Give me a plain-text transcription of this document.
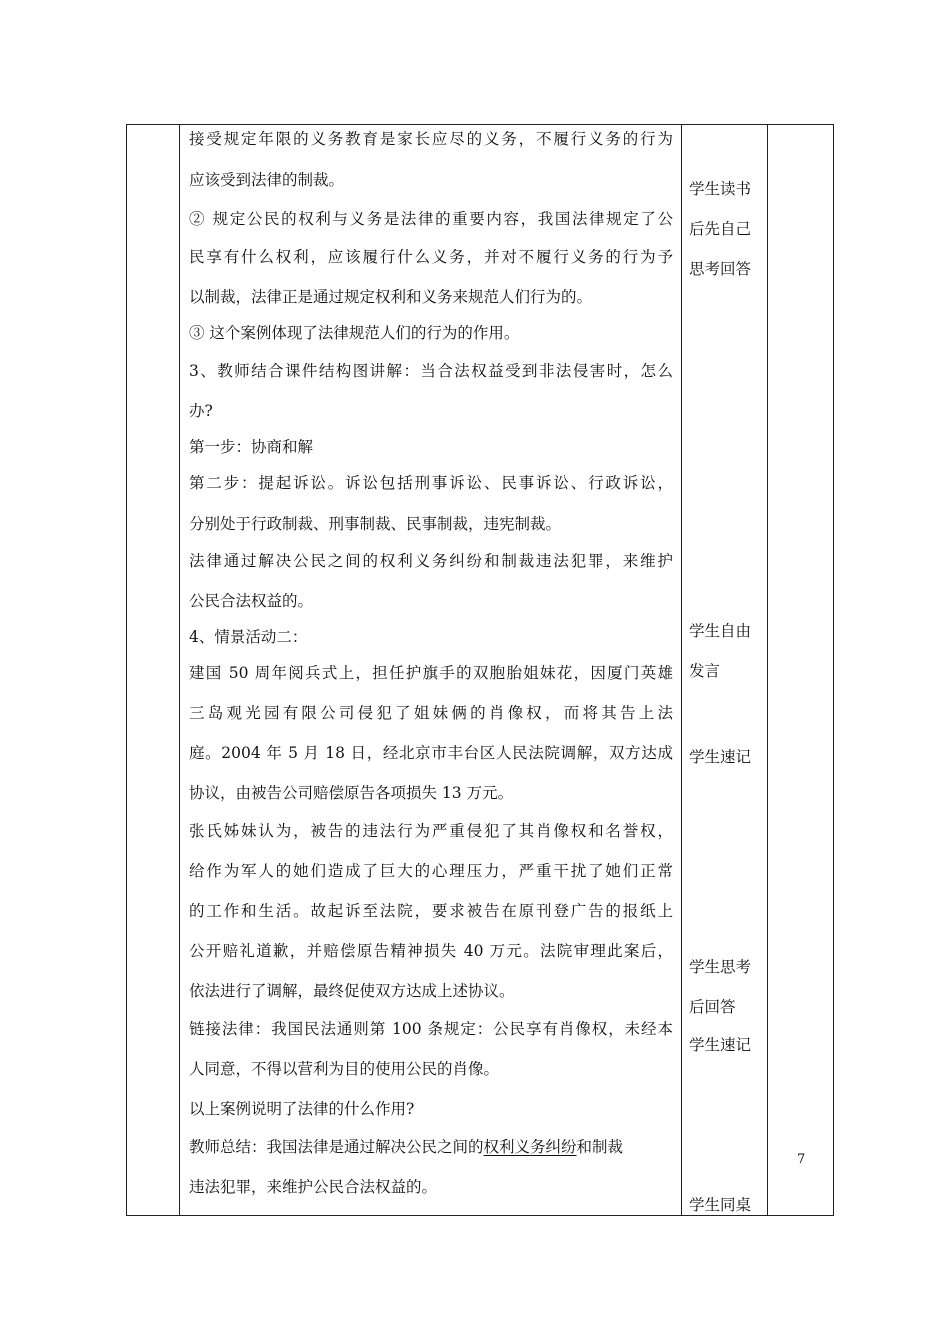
接受规定年限的义务教育是家长应尽的义务，不履行义务的行为
应该受到法律的制裁。
② 规定公民的权利与义务是法律的重要内容，我国法律规定了公
民享有什么权利，应该履行什么义务，并对不履行义务的行为予
以制裁，法律正是通过规定权利和义务来规范人们行为的。
③ 这个案例体现了法律规范人们的行为的作用。
3、教师结合课件结构图讲解：当合法权益受到非法侵害时，怎么
办?
第一步：协商和解
第二步：提起诉讼。诉讼包括刑事诉讼、民事诉讼、行政诉讼，
分别处于行政制裁、刑事制裁、民事制裁，违宪制裁。
法律通过解决公民之间的权利义务纠纷和制裁违法犯罪，来维护
公民合法权益的。
4、情景活动二：
建国 50 周年阅兵式上，担任护旗手的双胞胎姐妹花，因厦门英雄
三岛观光园有限公司侵犯了姐妹俩的肖像权，而将其告上法
庭。2004 年 5 月 18 日，经北京市丰台区人民法院调解，双方达成
协议，由被告公司赔偿原告各项损失 13 万元。
张氏姊妹认为，被告的违法行为严重侵犯了其肖像权和名誉权，
给作为军人的她们造成了巨大的心理压力，严重干扰了她们正常
的工作和生活。故起诉至法院，要求被告在原刊登广告的报纸上
公开赔礼道歉，并赔偿原告精神损失 40 万元。法院审理此案后，
依法进行了调解，最终促使双方达成上述协议。
链接法律：我国民法通则第 100 条规定：公民享有肖像权，未经本
人同意，不得以营利为目的使用公民的肖像。
以上案例说明了法律的什么作用?
教师总结：我国法律是通过解决公民之间的权利义务纠纷和制裁
违法犯罪，来维护公民合法权益的。
学生读书
后先自己
思考回答
学生自由
发言
学生速记
学生思考
后回答
学生速记
学生同桌
7
